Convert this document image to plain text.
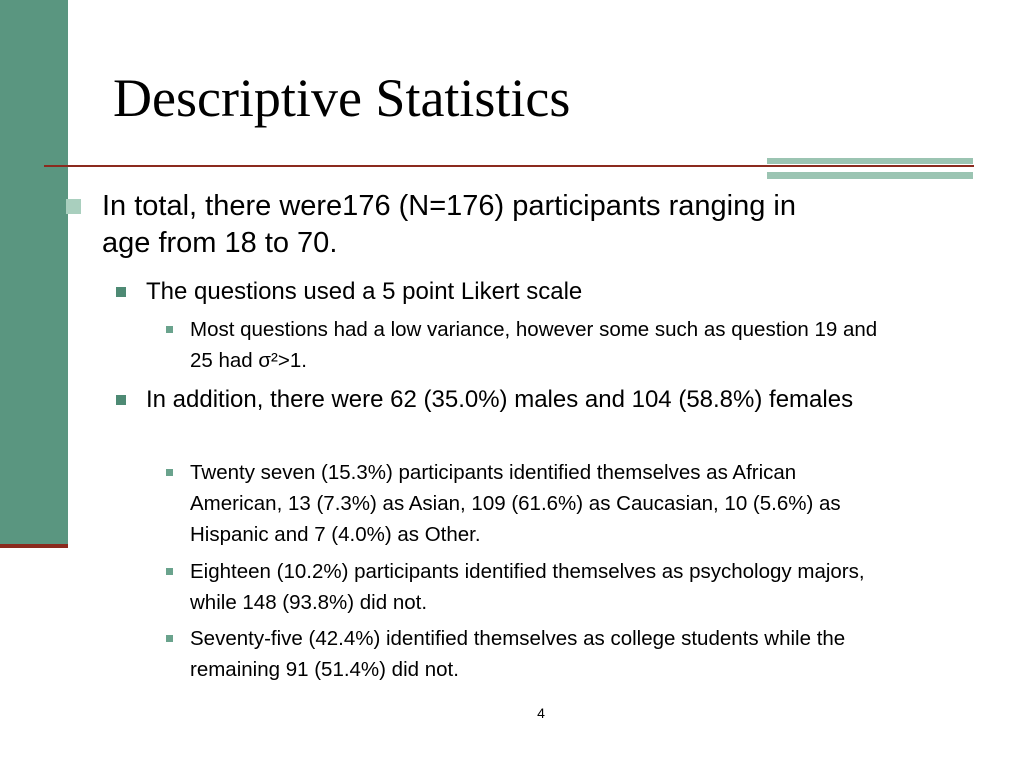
Descriptive Statistics
In total, there were176 (N=176) participants ranging in age from 18 to 70.
The questions used a 5 point Likert scale
Most questions had a low variance, however some such as question 19 and 25 had σ²>1.
In addition, there were 62 (35.0%) males and 104 (58.8%) females
Twenty seven (15.3%) participants identified themselves as African American, 13 (7.3%) as Asian, 109 (61.6%) as Caucasian, 10 (5.6%) as Hispanic and 7 (4.0%) as Other.
Eighteen (10.2%) participants identified themselves as psychology majors, while 148 (93.8%) did not.
Seventy-five (42.4%) identified themselves as college students while the remaining 91 (51.4%) did not.
4
